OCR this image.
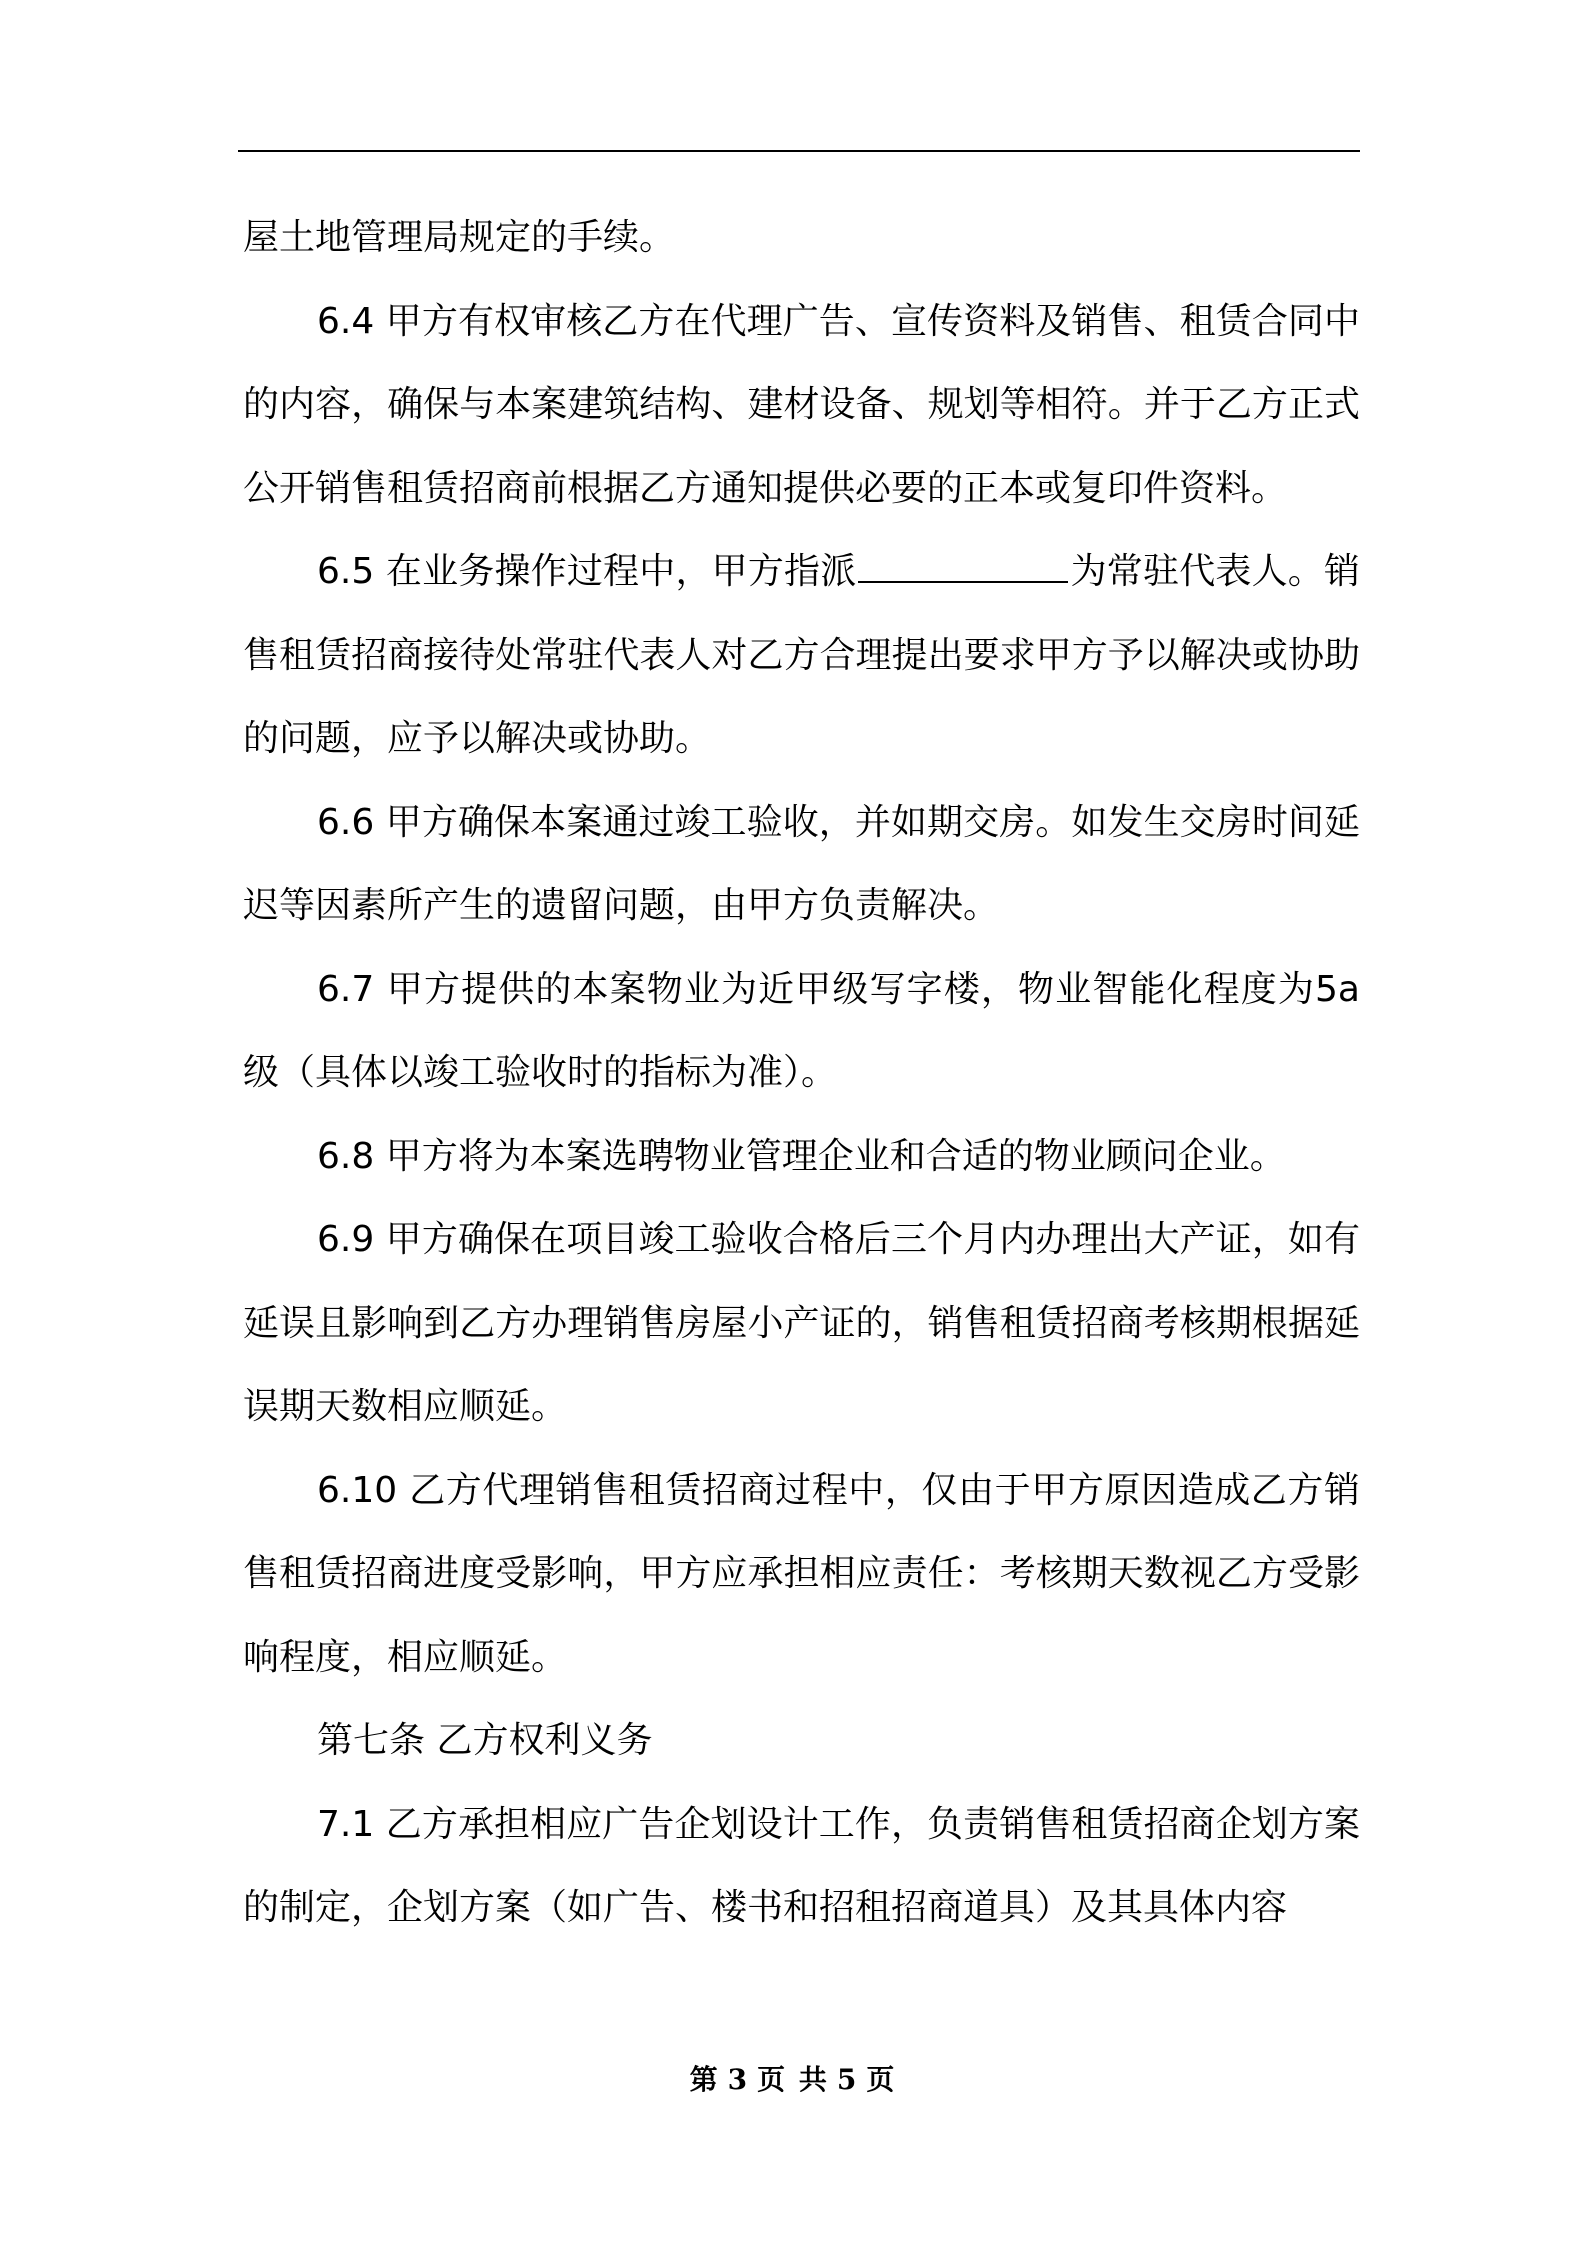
屋土地管理局规定的手续。

6.4 甲方有权审核乙方在代理广告、宣传资料及销售、租赁合同中的内容，确保与本案建筑结构、建材设备、规划等相符。并于乙方正式公开销售租赁招商前根据乙方通知提供必要的正本或复印件资料。

6.5 在业务操作过程中，甲方指派	为常驻代表人。销售租赁招商接待处常驻代表人对乙方合理提出要求甲方予以解决或协助的问题，应予以解决或协助。

6.6 甲方确保本案通过竣工验收，并如期交房。如发生交房时间延迟等因素所产生的遗留问题，由甲方负责解决。

6.7 甲方提供的本案物业为近甲级写字楼，物业智能化程度为5a 级（具体以竣工验收时的指标为准）。

6.8 甲方将为本案选聘物业管理企业和合适的物业顾问企业。

6.9 甲方确保在项目竣工验收合格后三个月内办理出大产证，如有延误且影响到乙方办理销售房屋小产证的，销售租赁招商考核期根据延误期天数相应顺延。

6.10 乙方代理销售租赁招商过程中，仅由于甲方原因造成乙方销售租赁招商进度受影响，甲方应承担相应责任：考核期天数视乙方受影响程度，相应顺延。

第七条 乙方权利义务

7.1 乙方承担相应广告企划设计工作，负责销售租赁招商企划方案的制定，企划方案（如广告、楼书和招租招商道具）及其具体内容

第 3 页 共 5 页
